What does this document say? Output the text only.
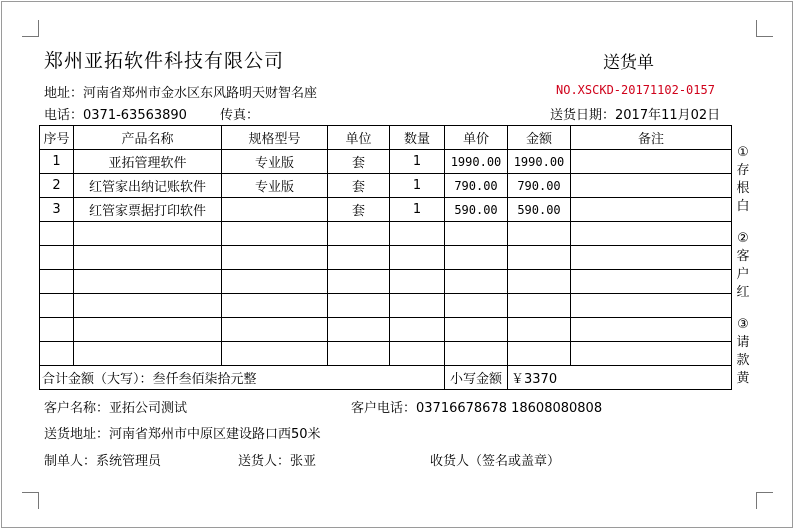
郑州亚拓软件科技有限公司	送货单
地址：河南省郑州市金水区东风路明天财智名座	NO.XSCKD-20171102-0157
电话：0371-63563890	传真：	送货日期：2017年11月02日
序号	产品名称	规格型号	单位	数量	单价	金额	备注
1	亚拓管理软件	专业版	套	1	1990.00	1990.00	
2	红管家出纳记账软件	专业版	套	1	790.00	790.00	
3	红管家票据打印软件		套	1	590.00	590.00	

合计金额（大写）：叁仟叁佰柒拾元整					小写金额	￥3370	
①
存
根
白
②
客
户
红
③
请
款
黄
客户名称：亚拓公司测试	客户电话：03716678678 18608080808
送货地址：河南省郑州市中原区建设路口西50米
制单人：系统管理员	送货人：张亚	收货人（签名或盖章）
